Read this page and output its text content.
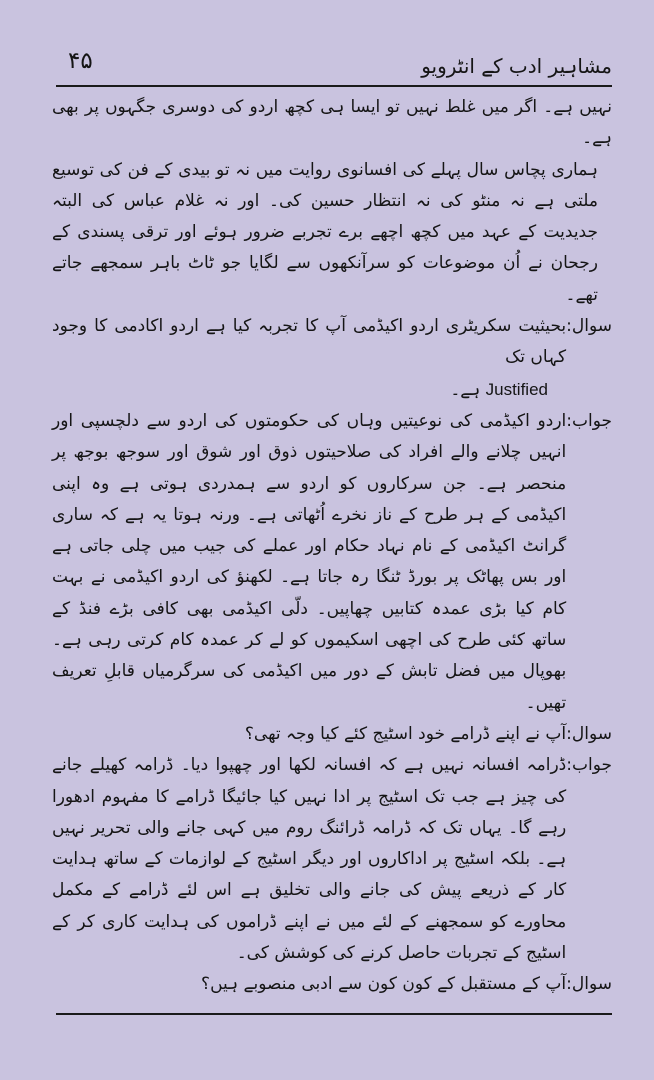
۴۵	مشاہیر ادب کے انٹرویو

نہیں ہے۔ اگر میں غلط نہیں تو ایسا ہی کچھ اردو کی دوسری جگہوں پر بھی ہے۔

ہماری پچاس سال پہلے کی افسانوی روایت میں نہ تو بیدی کے فن کی توسیع ملتی ہے نہ منٹو کی نہ انتظار حسین کی۔ اور نہ غلام عباس کی البتہ جدیدیت کے عہد میں کچھ اچھے برے تجربے ضرور ہوئے اور ترقی پسندی کے رجحان نے اُن موضوعات کو سرآنکھوں سے لگایا جو ٹاٹ باہر سمجھے جاتے تھے۔

سوال:
بحیثیت سکریٹری اردو اکیڈمی آپ کا تجربہ کیا ہے اردو اکادمی کا وجود کہاں تک
Justified ہے۔
جواب:
اردو اکیڈمی کی نوعیتیں وہاں کی حکومتوں کی اردو سے دلچسپی اور انہیں چلانے والے افراد کی صلاحیتوں ذوق اور شوق اور سوجھ بوجھ پر منحصر ہے۔ جن سرکاروں کو اردو سے ہمدردی ہوتی ہے وہ اپنی اکیڈمی کے ہر طرح کے ناز نخرے اُٹھاتی ہے۔ ورنہ ہوتا یہ ہے کہ ساری گرانٹ اکیڈمی کے نام نہاد حکام اور عملے کی جیب میں چلی جاتی ہے اور بس پھاٹک پر بورڈ ٹنگا رہ جاتا ہے۔ لکھنؤ کی اردو اکیڈمی نے بہت کام کیا بڑی عمدہ کتابیں چھاپیں۔ دلّی اکیڈمی بھی کافی بڑے فنڈ کے ساتھ کئی طرح کی اچھی اسکیموں کو لے کر عمدہ کام کرتی رہی ہے۔ بھوپال میں فضل تابش کے دور میں اکیڈمی کی سرگرمیاں قابلِ تعریف تھیں۔
سوال:
آپ نے اپنے ڈرامے خود اسٹیج کئے کیا وجہ تھی؟
جواب:
ڈرامہ افسانہ نہیں ہے کہ افسانہ لکھا اور چھپوا دیا۔ ڈرامہ کھیلے جانے کی چیز ہے جب تک اسٹیج پر ادا نہیں کیا جائیگا ڈرامے کا مفہوم ادھورا رہے گا۔ یہاں تک کہ ڈرامہ ڈرائنگ روم میں کہی جانے والی تحریر نہیں ہے۔ بلکہ اسٹیج پر اداکاروں اور دیگر اسٹیج کے لوازمات کے ساتھ ہدایت کار کے ذریعے پیش کی جانے والی تخلیق ہے اس لئے ڈرامے کے مکمل محاورے کو سمجھنے کے لئے میں نے اپنے ڈراموں کی ہدایت کاری کر کے اسٹیج کے تجربات حاصل کرنے کی کوشش کی۔
سوال:
آپ کے مستقبل کے کون کون سے ادبی منصوبے ہیں؟
